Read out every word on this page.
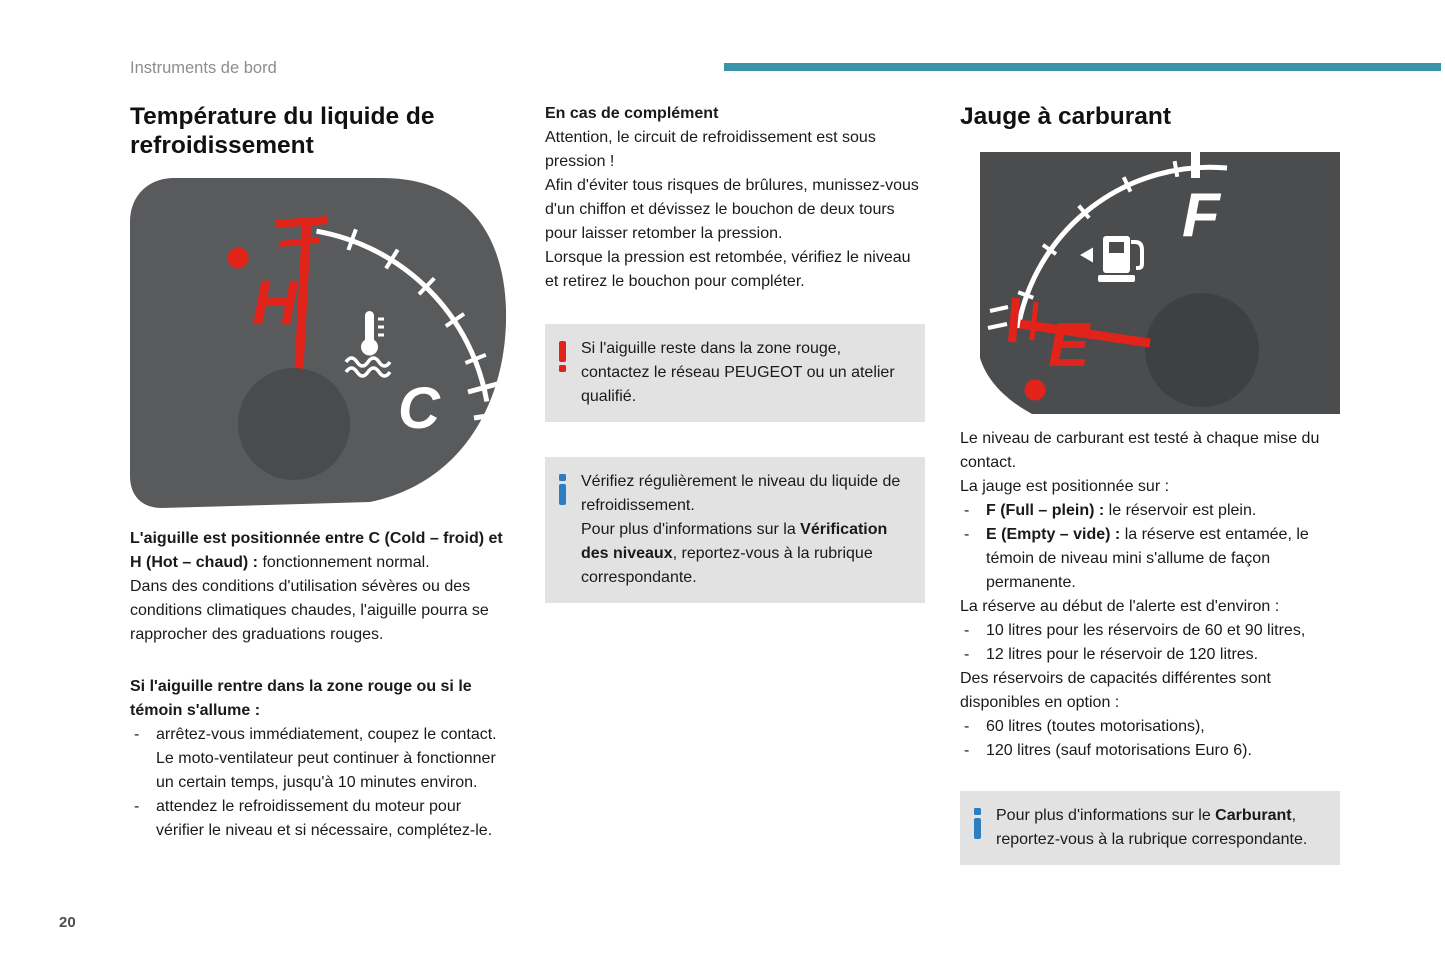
Instruments de bord
Température du liquide de refroidissement
H
C

L'aiguille est positionnée entre C (Cold – froid) et H (Hot – chaud) : fonctionnement normal.

Dans des conditions d'utilisation sévères ou des conditions climatiques chaudes, l'aiguille pourra se rapprocher des graduations rouges.

Si l'aiguille rentre dans la zone rouge ou si le témoin s'allume :

-	arrêtez-vous immédiatement, coupez le contact. Le moto-ventilateur peut continuer à fonctionner un certain temps, jusqu'à 10 minutes environ.
-	attendez le refroidissement du moteur pour vérifier le niveau et si nécessaire, complétez-le.

En cas de complément

Attention, le circuit de refroidissement est sous pression !

Afin d'éviter tous risques de brûlures, munissez-vous d'un chiffon et dévissez le bouchon de deux tours pour laisser retomber la pression.

Lorsque la pression est retombée, vérifiez le niveau et retirez le bouchon pour compléter.

Si l'aiguille reste dans la zone rouge, contactez le réseau PEUGEOT ou un atelier qualifié.

Vérifiez régulièrement le niveau du liquide de refroidissement.
Pour plus d'informations sur la Vérification des niveaux, reportez-vous à la rubrique correspondante.

Jauge à carburant
F
E

Le niveau de carburant est testé à chaque mise du contact.

La jauge est positionnée sur :

-	F (Full – plein) : le réservoir est plein.
-	E (Empty – vide) : la réserve est entamée, le témoin de niveau mini s'allume de façon permanente.

La réserve au début de l'alerte est d'environ :

-	10 litres pour les réservoirs de 60 et 90 litres,
-	12 litres pour le réservoir de 120 litres.

Des réservoirs de capacités différentes sont disponibles en option :

-	60 litres (toutes motorisations),
-	120 litres (sauf motorisations Euro 6).

Pour plus d'informations sur le Carburant, reportez-vous à la rubrique correspondante.

20
